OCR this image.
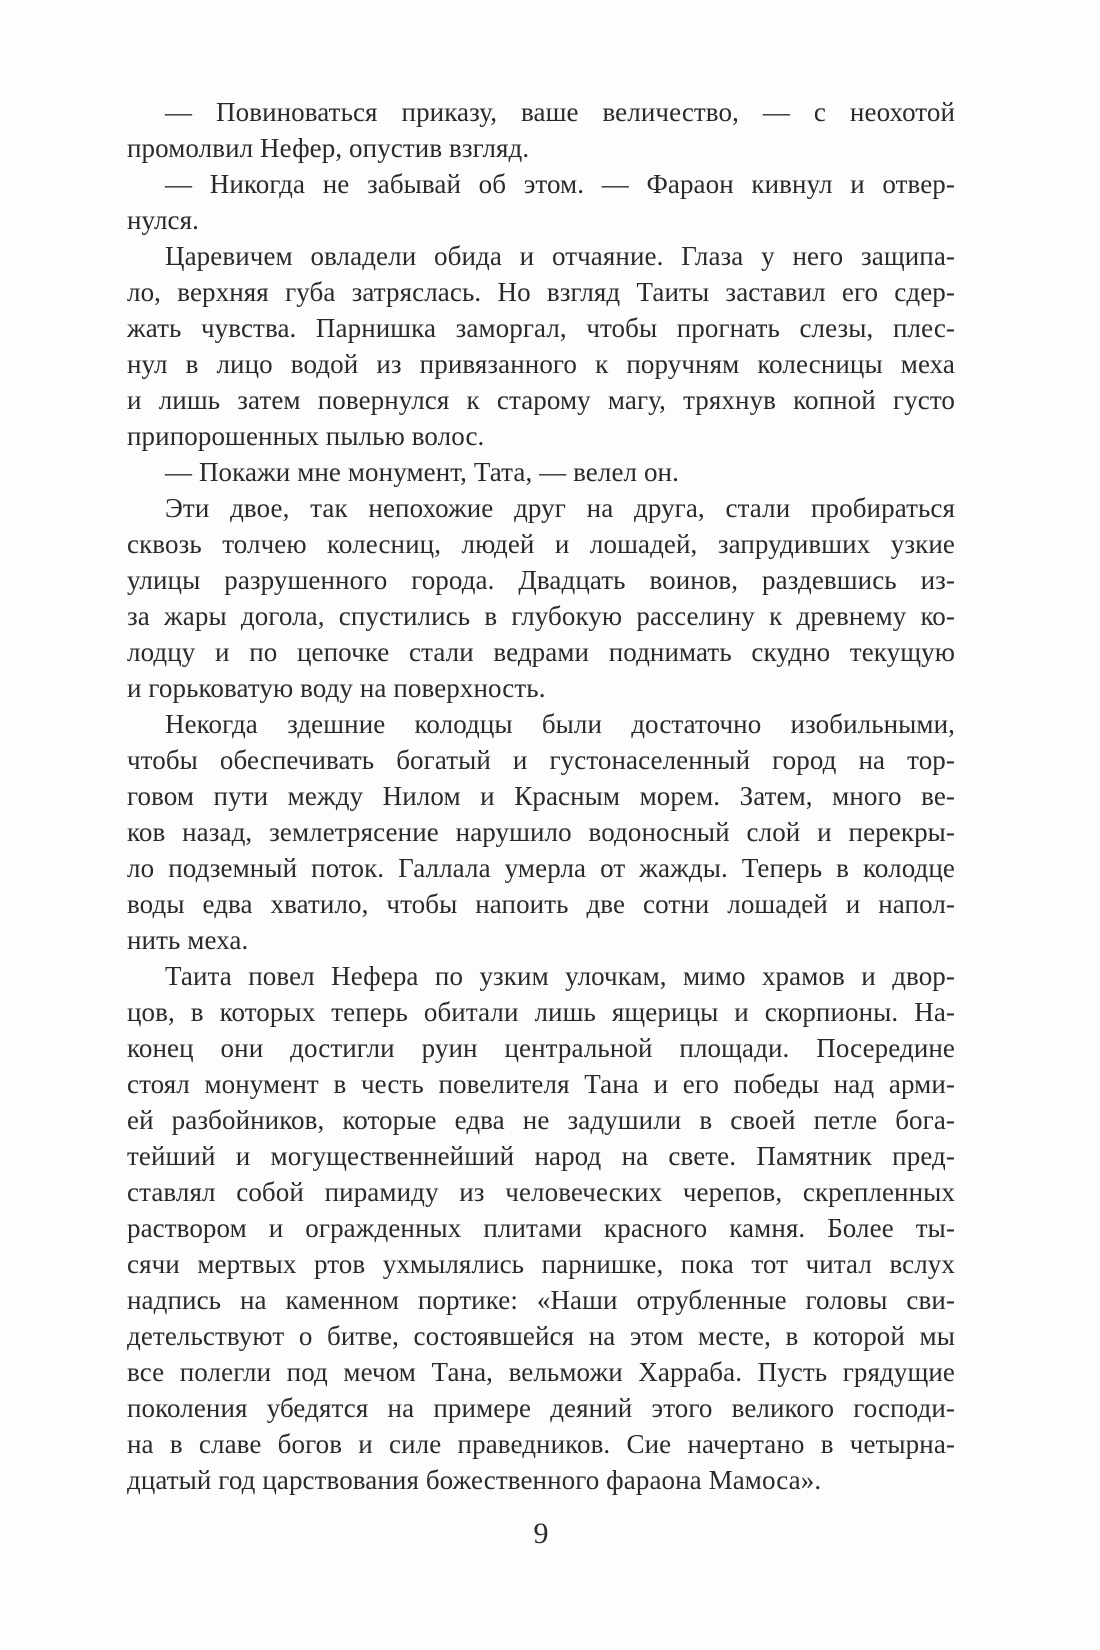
— Повиноваться приказу, ваше величество, — с неохотой
промолвил Нефер, опустив взгляд.
— Никогда не забывай об этом. — Фараон кивнул и отвер-
нулся.
Царевичем овладели обида и отчаяние. Глаза у него защипа-
ло, верхняя губа затряслась. Но взгляд Таиты заставил его сдер-
жать чувства. Парнишка заморгал, чтобы прогнать слезы, плес-
нул в лицо водой из привязанного к поручням колесницы меха
и лишь затем повернулся к старому магу, тряхнув копной густо
припорошенных пылью волос.
— Покажи мне монумент, Тата, — велел он.
Эти двое, так непохожие друг на друга, стали пробираться
сквозь толчею колесниц, людей и лошадей, запрудивших узкие
улицы разрушенного города. Двадцать воинов, раздевшись из-
за жары догола, спустились в глубокую расселину к древнему ко-
лодцу и по цепочке стали ведрами поднимать скудно текущую
и горьковатую воду на поверхность.
Некогда здешние колодцы были достаточно изобильными,
чтобы обеспечивать богатый и густонаселенный город на тор-
говом пути между Нилом и Красным морем. Затем, много ве-
ков назад, землетрясение нарушило водоносный слой и перекры-
ло подземный поток. Галлала умерла от жажды. Теперь в колодце
воды едва хватило, чтобы напоить две сотни лошадей и напол-
нить меха.
Таита повел Нефера по узким улочкам, мимо храмов и двор-
цов, в которых теперь обитали лишь ящерицы и скорпионы. На-
конец они достигли руин центральной площади. Посередине
стоял монумент в честь повелителя Тана и его победы над арми-
ей разбойников, которые едва не задушили в своей петле бога-
тейший и могущественнейший народ на свете. Памятник пред-
ставлял собой пирамиду из человеческих черепов, скрепленных
раствором и огражденных плитами красного камня. Более ты-
сячи мертвых ртов ухмылялись парнишке, пока тот читал вслух
надпись на каменном портике: «Наши отрубленные головы сви-
детельствуют о битве, состоявшейся на этом месте, в которой мы
все полегли под мечом Тана, вельможи Харраба. Пусть грядущие
поколения убедятся на примере деяний этого великого господи-
на в славе богов и силе праведников. Сие начертано в четырна-
дцатый год царствования божественного фараона Мамоса».
9
